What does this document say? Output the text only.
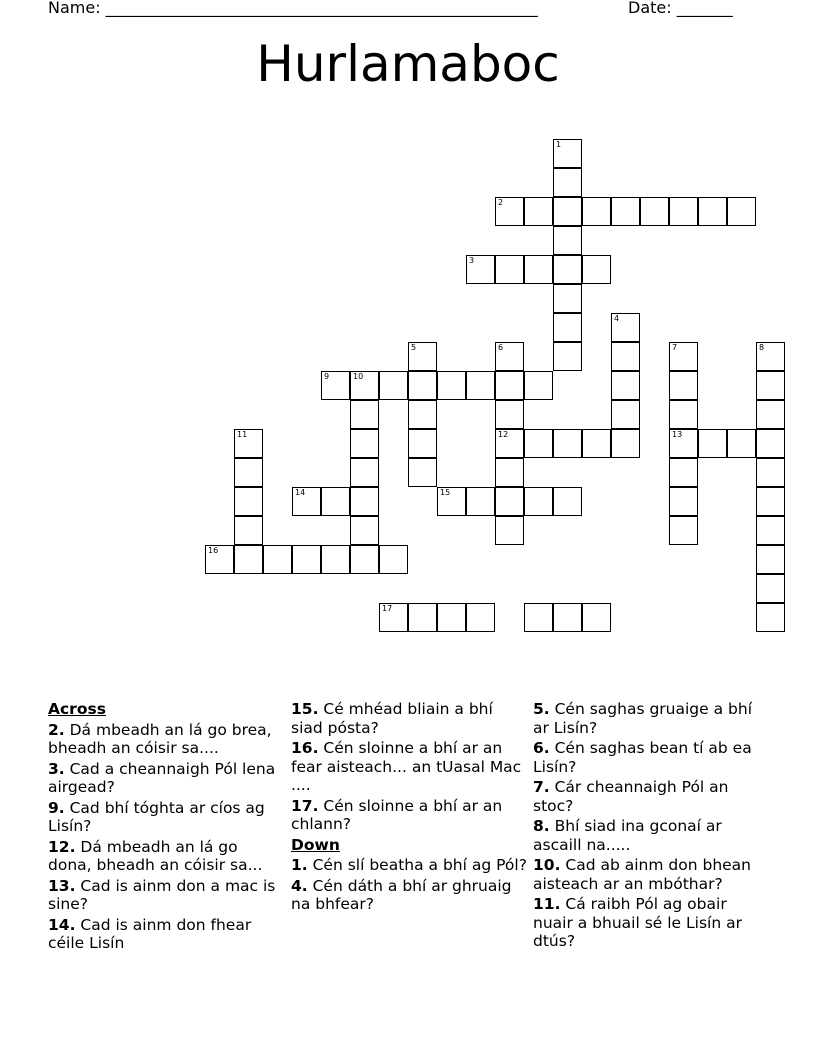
Name: ______________________________________________________	Date: _______
Hurlamaboc
1
2
3
4
5	6
12
7
13
8
9	10
11
14	15
16
17
Across
2. Dá mbeadh an lá go brea, bheadh an cóisir sa....
3. Cad a cheannaigh Pól lena airgead?
9. Cad bhí tóghta ar cíos ag Lisín?
12. Dá mbeadh an lá go dona, bheadh an cóisir sa...
13. Cad is ainm don a mac is sine?
14. Cad is ainm don fhear céile Lisín
15. Cé mhéad bliain a bhí siad pósta?
16. Cén sloinne a bhí ar an fear aisteach... an tUasal Mac ....
17. Cén sloinne a bhí ar an chlann?
Down
1. Cén slí beatha a bhí ag Pól?
4. Cén dáth a bhí ar ghruaig na bhfear?
5. Cén saghas gruaige a bhí ar Lisín?
6. Cén saghas bean tí ab ea Lisín?
7. Cár cheannaigh Pól an stoc?
8. Bhí siad ina gconaí ar ascaill na.....
10. Cad ab ainm don bhean aisteach ar an mbóthar?
11. Cá raibh Pól ag obair nuair a bhuail sé le Lisín ar dtús?
